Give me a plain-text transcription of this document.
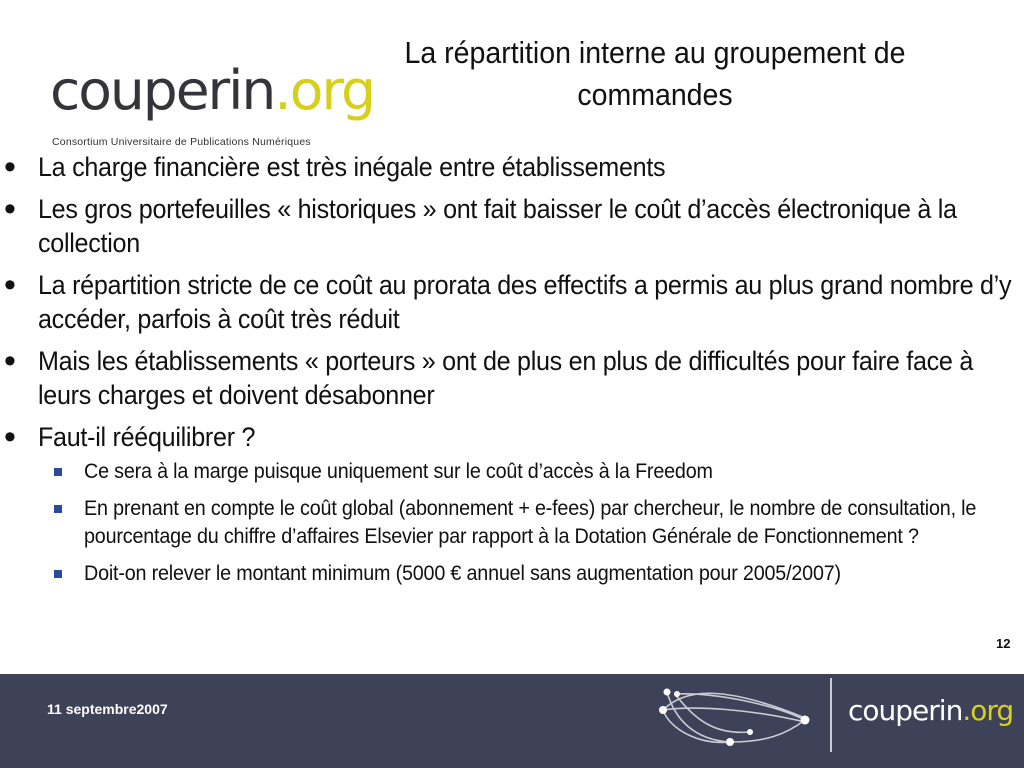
couperin.org
Consortium Universitaire de Publications Numériques
La répartition interne au groupement de commandes
• La charge financière est très inégale entre établissements
• Les gros portefeuilles « historiques » ont fait baisser le coût d’accès électronique à la collection
• La répartition stricte de ce coût au prorata des effectifs a permis au plus grand nombre d’y accéder, parfois à coût très réduit
• Mais les établissements « porteurs » ont de plus en plus de difficultés pour faire face à leurs charges et doivent désabonner
• Faut-il rééquilibrer ?
Ce sera à la marge puisque uniquement sur le coût d’accès à la Freedom
En prenant en compte le coût global (abonnement + e-fees) par chercheur, le nombre de consultation, le pourcentage du chiffre d’affaires Elsevier par rapport à la Dotation Générale de Fonctionnement ?
Doit-on relever le montant minimum (5000 € annuel sans augmentation pour 2005/2007)
12
11 septembre2007	couperin.org
